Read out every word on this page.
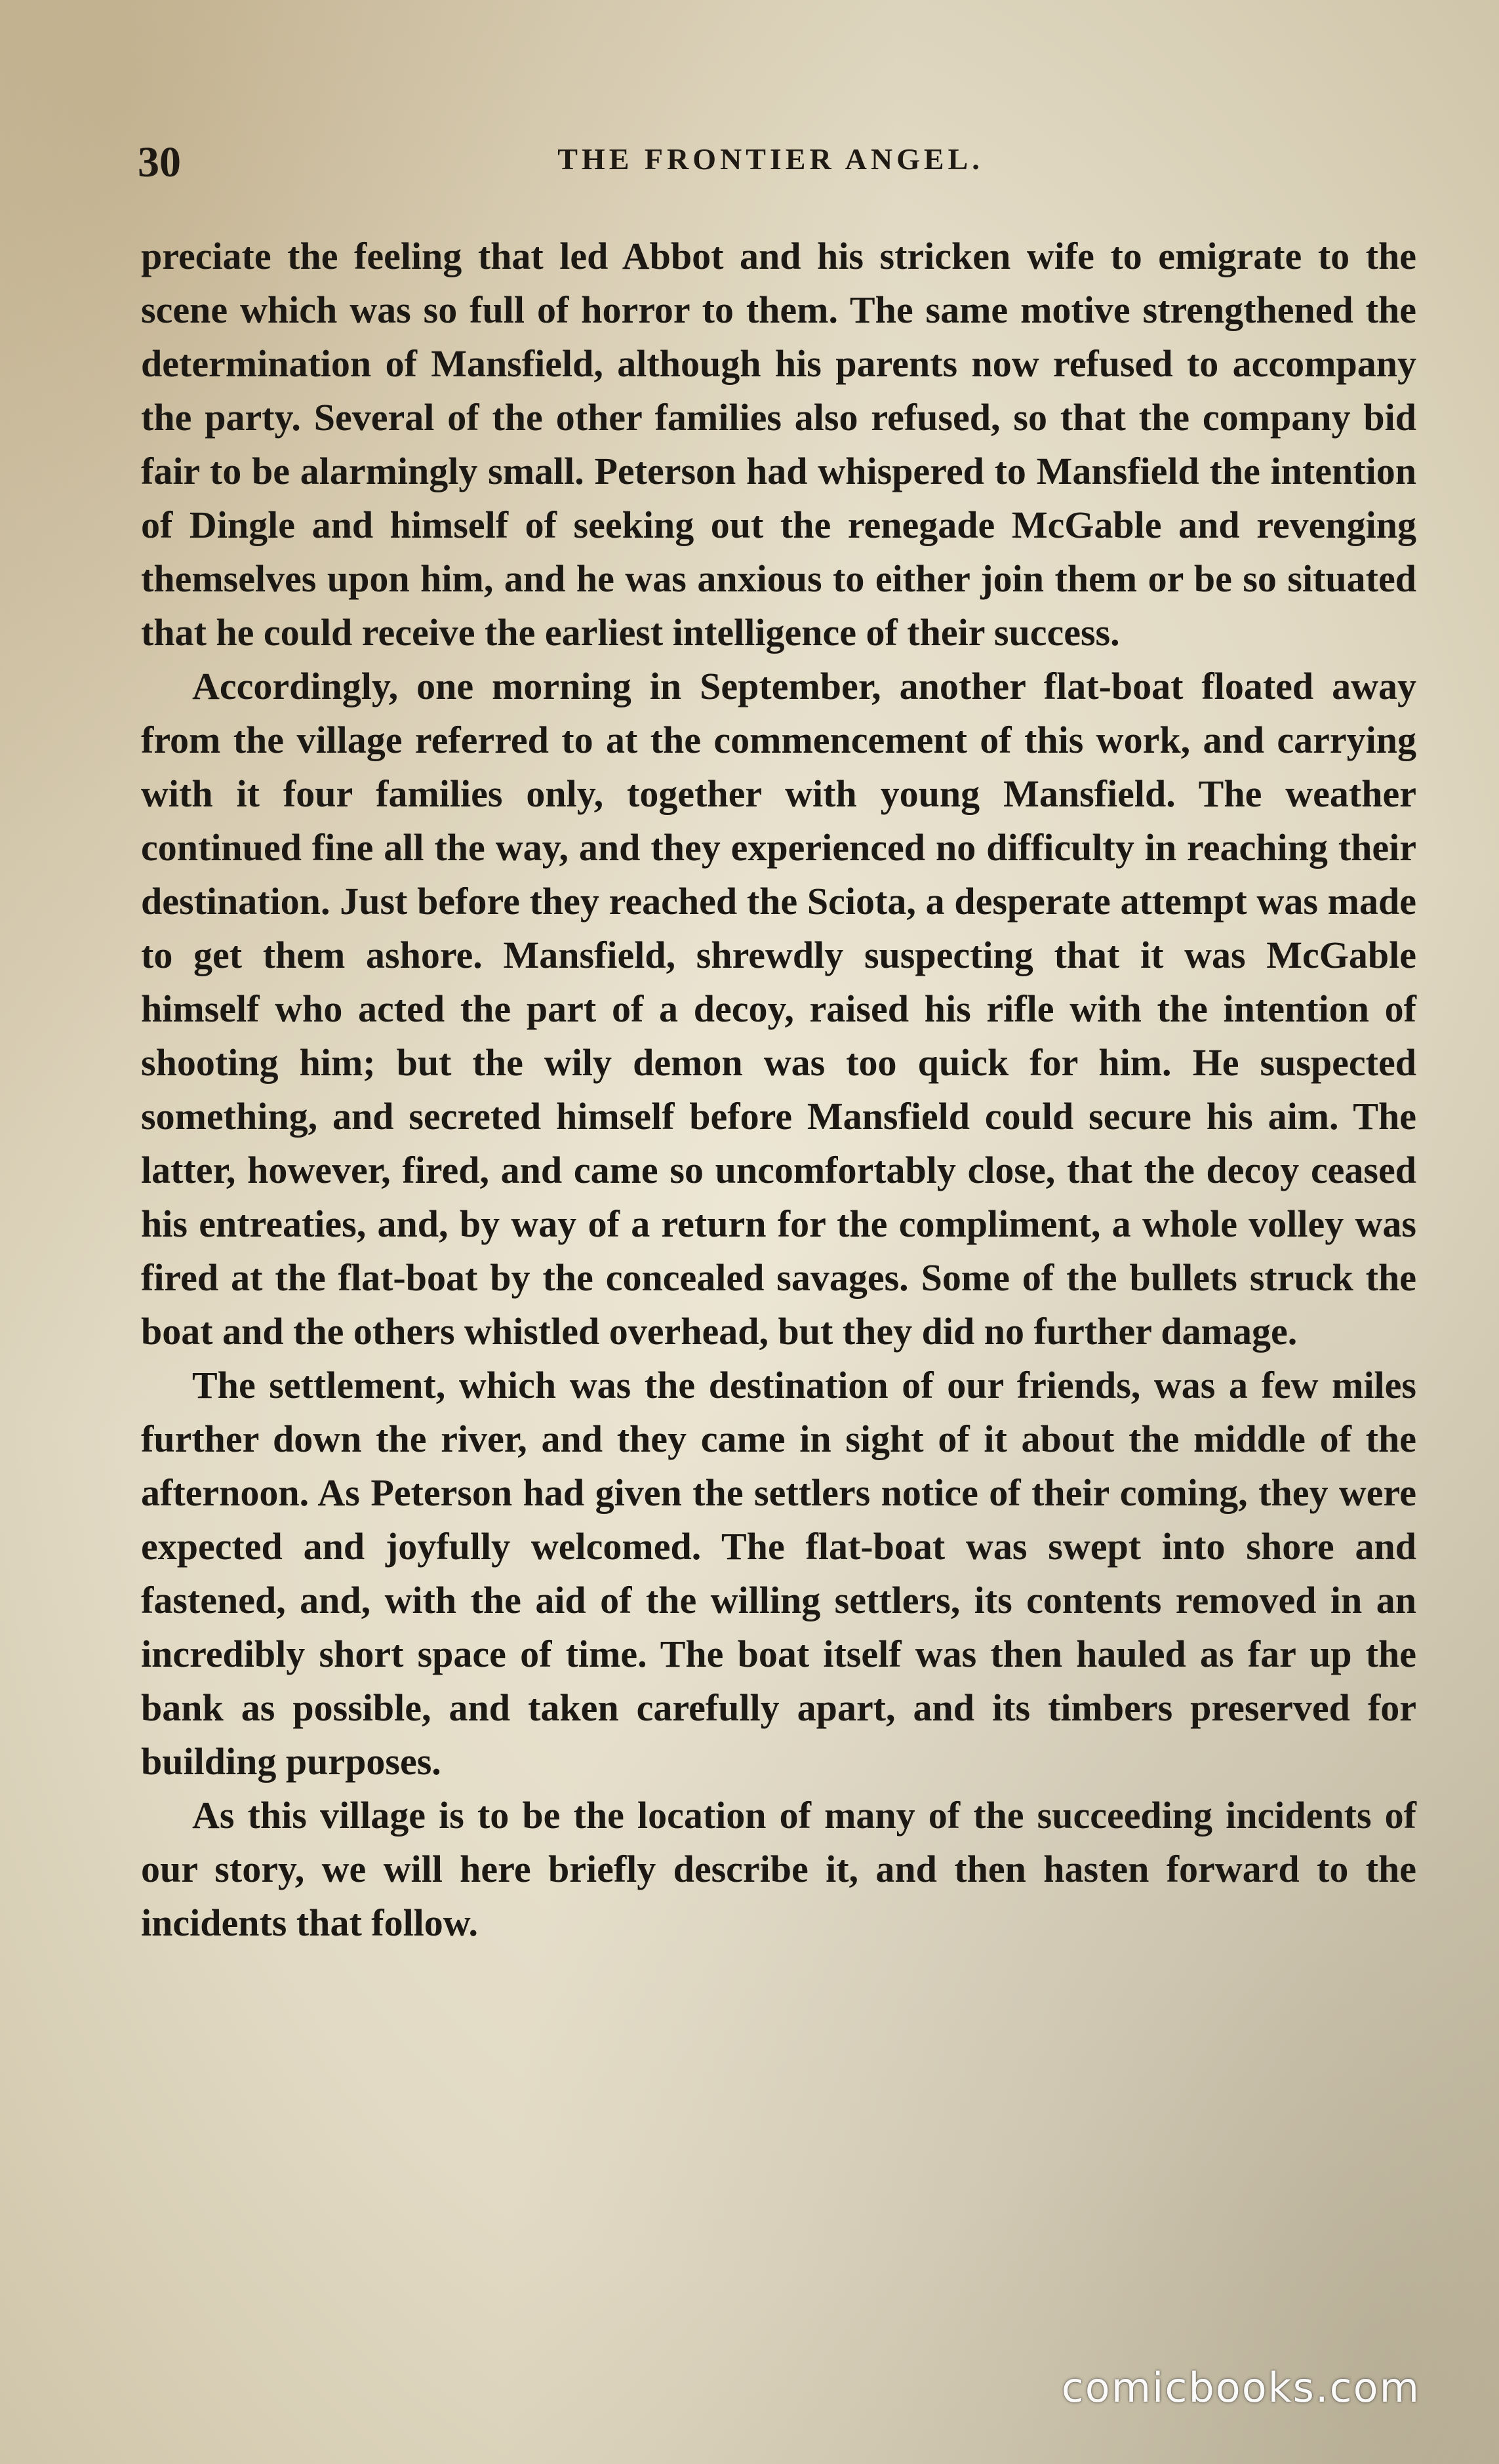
30	THE FRONTIER ANGEL.

preciate the feeling that led Abbot and his stricken wife to emigrate to the scene which was so full of horror to them. The same motive strengthened the determination of Mansfield, although his parents now refused to accompany the party. Several of the other families also refused, so that the company bid fair to be alarmingly small. Peterson had whispered to Mansfield the intention of Dingle and himself of seeking out the renegade McGable and revenging themselves upon him, and he was anxious to either join them or be so situated that he could receive the earliest intelligence of their success.

Accordingly, one morning in September, another flat-boat floated away from the village referred to at the commencement of this work, and carrying with it four families only, together with young Mansfield. The weather continued fine all the way, and they experienced no difficulty in reaching their destination. Just before they reached the Sciota, a desperate attempt was made to get them ashore. Mansfield, shrewdly suspecting that it was McGable himself who acted the part of a decoy, raised his rifle with the intention of shooting him; but the wily demon was too quick for him. He suspected something, and secreted himself before Mansfield could secure his aim. The latter, however, fired, and came so uncomfortably close, that the decoy ceased his entreaties, and, by way of a return for the compliment, a whole volley was fired at the flat-boat by the concealed savages. Some of the bullets struck the boat and the others whistled overhead, but they did no further damage.

The settlement, which was the destination of our friends, was a few miles further down the river, and they came in sight of it about the middle of the afternoon. As Peterson had given the settlers notice of their coming, they were expected and joyfully welcomed. The flat-boat was swept into shore and fastened, and, with the aid of the willing settlers, its contents removed in an incredibly short space of time. The boat itself was then hauled as far up the bank as possible, and taken carefully apart, and its timbers preserved for building purposes.

As this village is to be the location of many of the succeeding incidents of our story, we will here briefly describe it, and then hasten forward to the incidents that follow.

comicbooks.com
